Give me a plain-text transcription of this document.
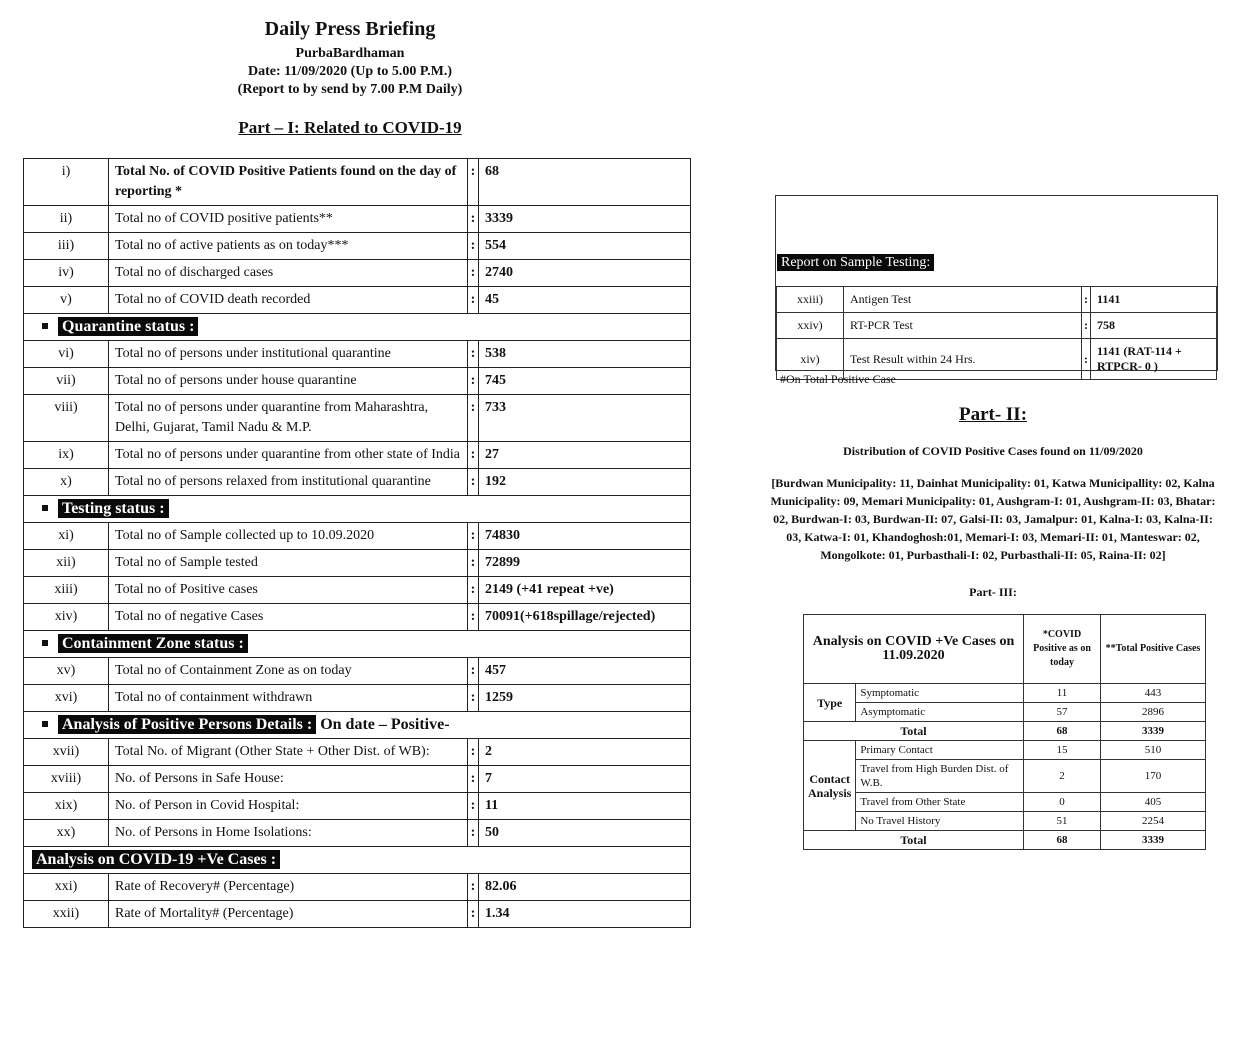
Daily Press Briefing
PurbaBardhaman
Date: 11/09/2020 (Up to 5.00 P.M.)
(Report to by send by 7.00 P.M Daily)
Part – I: Related to COVID-19
i)	Total No. of COVID Positive Patients found on the day of reporting *	:	68
ii)	Total no of COVID positive patients**	:	3339
iii)	Total no of active patients as on today***	:	554
iv)	Total no of discharged cases	:	2740
v)	Total no of COVID death recorded	:	45
Quarantine status :			
vi)	Total no of persons under institutional quarantine	:	538
vii)	Total no of persons under house quarantine	:	745
viii)	Total no of persons under quarantine from Maharashtra, Delhi, Gujarat, Tamil Nadu & M.P.	:	733
ix)	Total no of persons under quarantine from other state of India	:	27
x)	Total no of persons relaxed from institutional quarantine	:	192
Testing status :			
xi)	Total no of Sample collected up to 10.09.2020	:	74830
xii)	Total no of Sample tested	:	72899
xiii)	Total no of Positive cases	:	2149 (+41 repeat +ve)
xiv)	Total no of negative Cases	:	70091(+618spillage/rejected)
Containment Zone status :			
xv)	Total no of Containment Zone as on today	:	457
xvi)	Total no of containment withdrawn	:	1259
Analysis of Positive Persons Details : On date – Positive-			
xvii)	Total No. of Migrant (Other State + Other Dist. of WB):	:	2
xviii)	No. of Persons in Safe House:	:	7
xix)	No. of Person in Covid Hospital:	:	11
xx)	No. of Persons in Home Isolations:	:	50
Analysis on COVID-19 +Ve Cases :			
xxi)	Rate of Recovery# (Percentage)	:	82.06
xxii)	Rate of Mortality# (Percentage)	:	1.34
Report on Sample Testing:
xxiii)	Antigen Test	:	1141
xxiv)	RT-PCR Test	:	758
xiv)	Test Result within 24 Hrs.	:	1141 (RAT-114 + RTPCR- 0 )
#On Total Positive Case
Part- II:
Distribution of COVID Positive Cases found on 11/09/2020
[Burdwan Municipality: 11, Dainhat Municipality: 01, Katwa Municipallity: 02, Kalna Municipality: 09, Memari Municipality: 01, Aushgram-I: 01, Aushgram-II: 03, Bhatar: 02, Burdwan-I: 03, Burdwan-II: 07, Galsi-II: 03, Jamalpur: 01, Kalna-I: 03, Kalna-II: 03, Katwa-I: 01, Khandoghosh:01, Memari-I: 03, Memari-II: 01, Manteswar: 02, Mongolkote: 01, Purbasthali-I: 02, Purbasthali-II: 05, Raina-II: 02]
Part- III:
Analysis on COVID +Ve Cases on 11.09.2020		*COVID Positive as on today	**Total Positive Cases
Type	Symptomatic	11	443
	Asymptomatic	57	2896
Total		68	3339
Contact Analysis	Primary Contact	15	510
	Travel from High Burden Dist. of W.B.	2	170
	Travel from Other State	0	405
	No Travel History	51	2254
Total		68	3339
